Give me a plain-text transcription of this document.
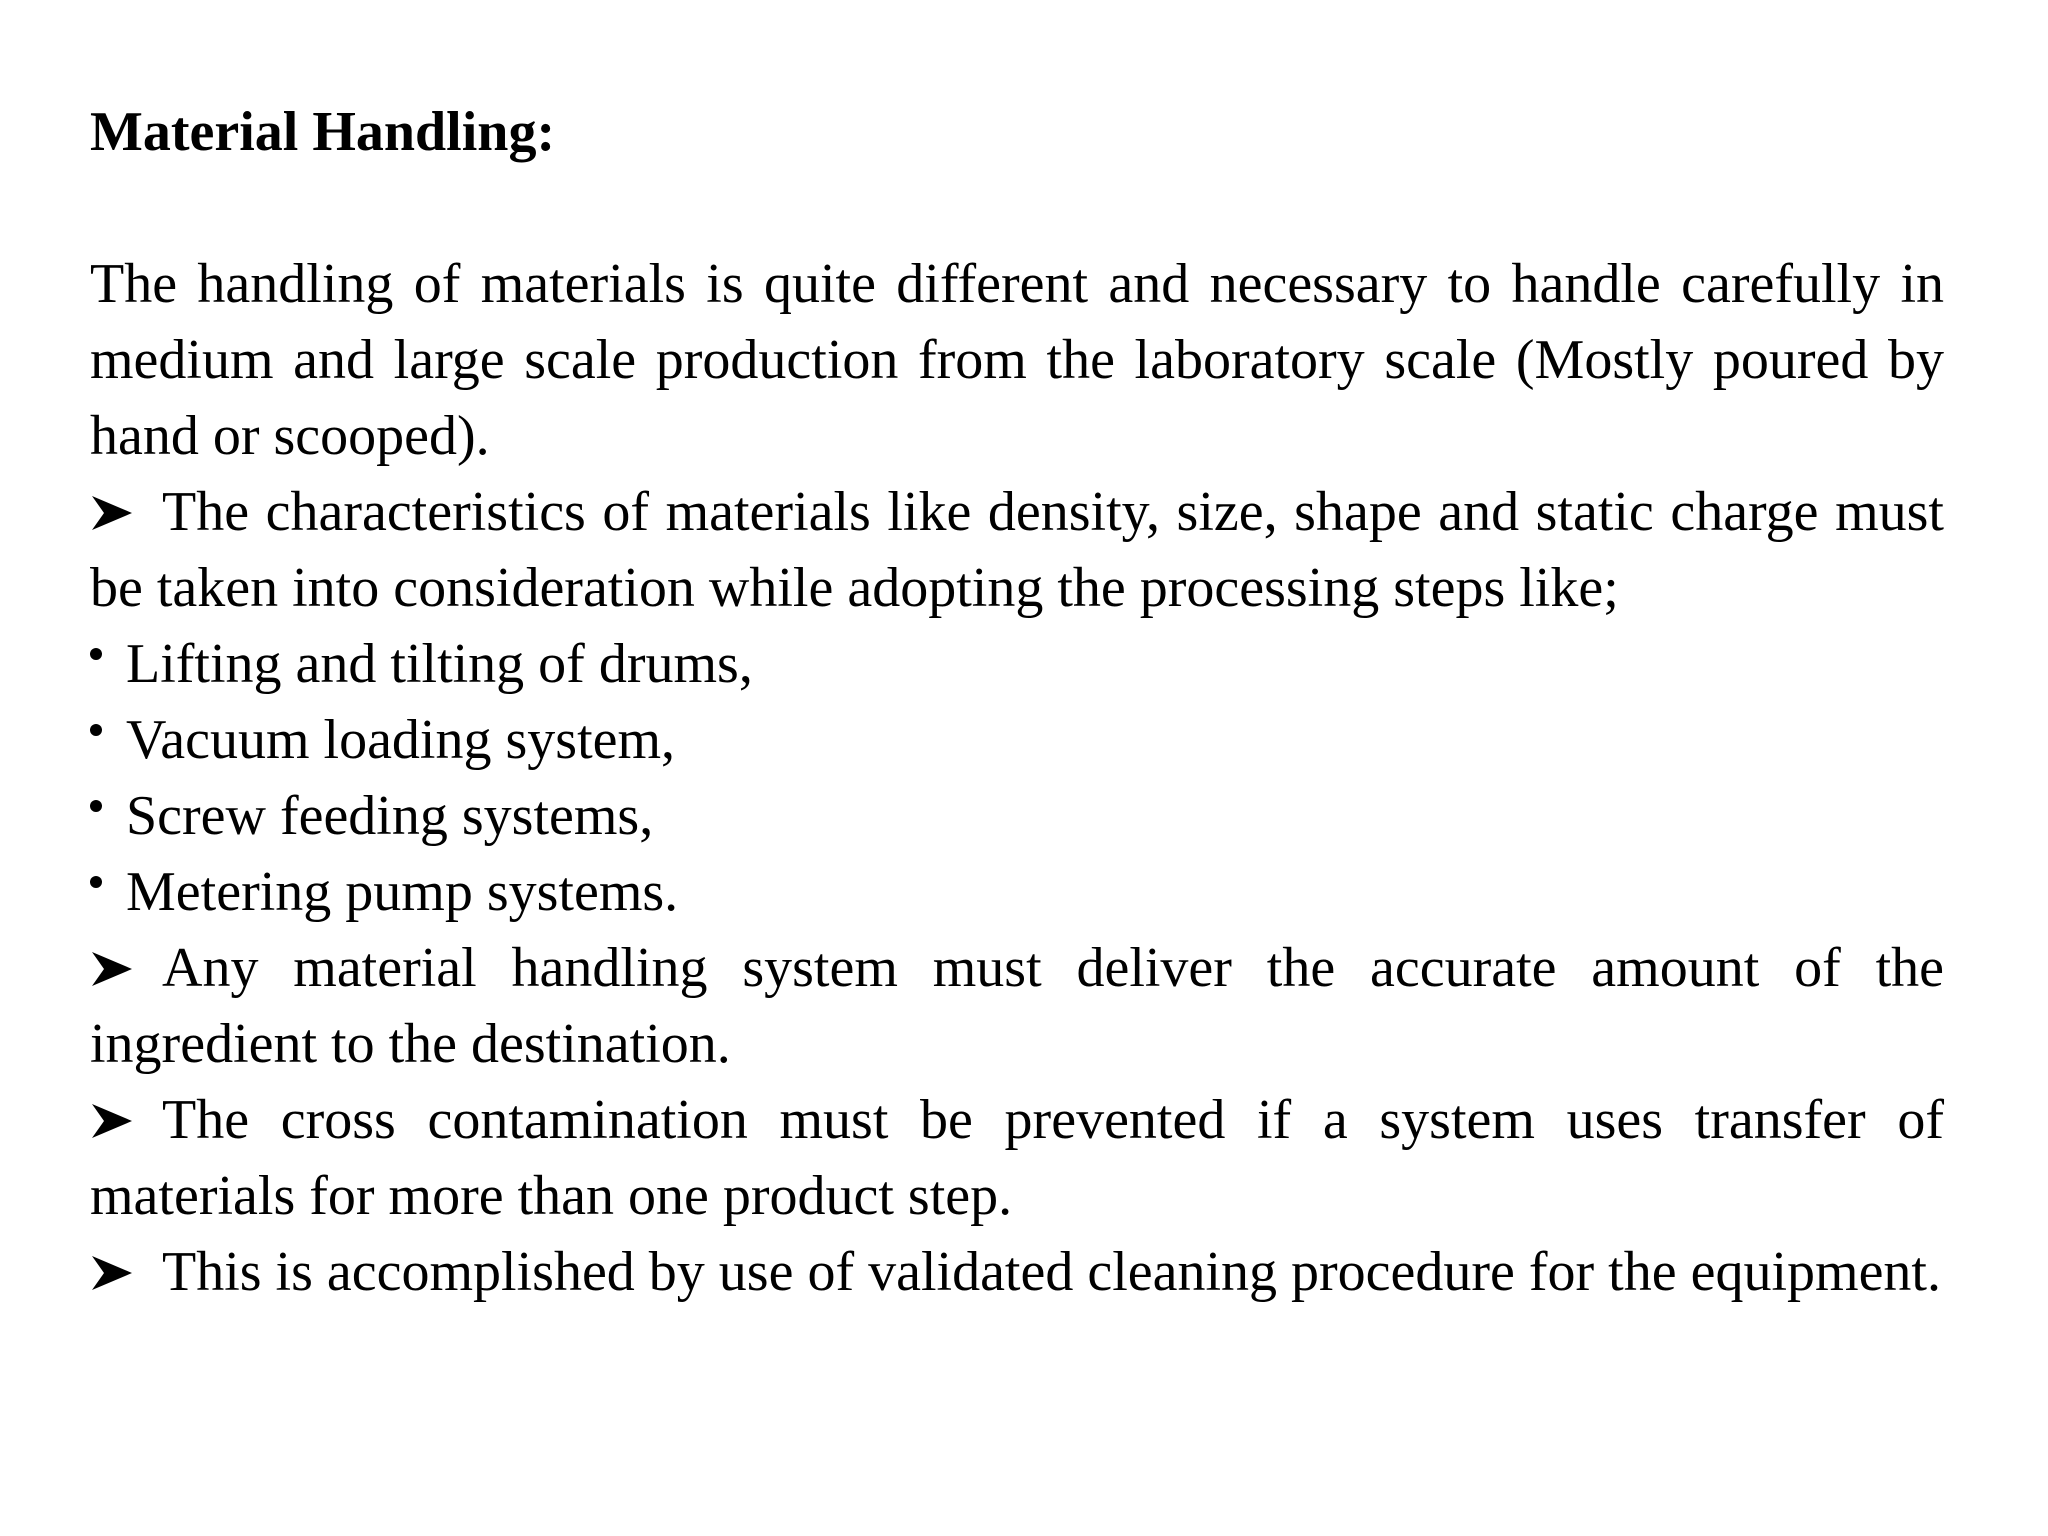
Material Handling:

The handling of materials is quite different and necessary to handle carefully in medium and large scale production from the laboratory scale (Mostly poured by hand or scooped).

The characteristics of materials like density, size, shape and static charge must be taken into consideration while adopting the processing steps like;

Lifting and tilting of drums,
Vacuum loading system,
Screw feeding systems,
Metering pump systems.

Any material handling system must deliver the accurate amount of the ingredient to the destination.

The cross contamination must be prevented if a system uses transfer of materials for more than one product step.

This is accomplished by use of validated cleaning procedure for the equipment.
